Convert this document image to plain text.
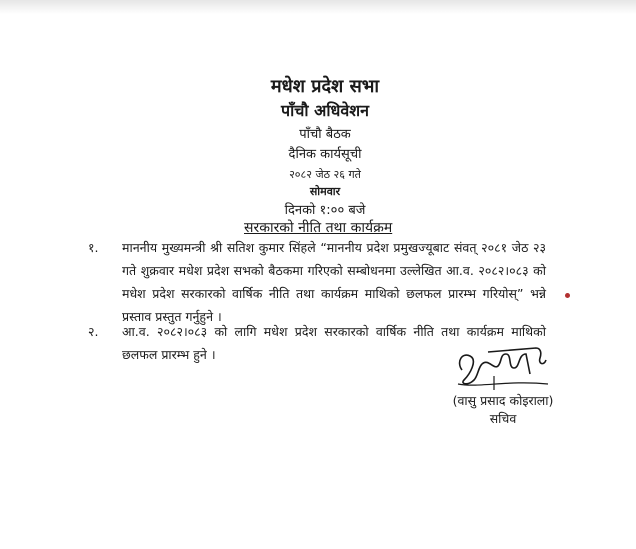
मधेश प्रदेश सभा
पाँचौ अधिवेशन
पाँचौ बैठक
दैनिक कार्यसूची
२०८२ जेठ २६ गते
सोमवार
दिनको १:०० बजे
सरकारको नीति तथा कार्यक्रम
१. माननीय मुख्यमन्त्री श्री सतिश कुमार सिंहले “माननीय प्रदेश प्रमुखज्यूबाट संवत् २०८१ जेठ २३ गते शुक्रवार मधेश प्रदेश सभको बैठकमा गरिएको सम्बोधनमा उल्लेखित आ.व. २०८२।०८३ को मधेश प्रदेश सरकारको वार्षिक नीति तथा कार्यक्रम माथिको छलफल प्रारम्भ गरियोस्” भन्ने प्रस्ताव प्रस्तुत गर्नुहुने ।
२. आ.व. २०८२।०८३ को लागि मधेश प्रदेश सरकारको वार्षिक नीति तथा कार्यक्रम माथिको छलफल प्रारम्भ हुने ।
(वासु प्रसाद कोइराला)
सचिव
